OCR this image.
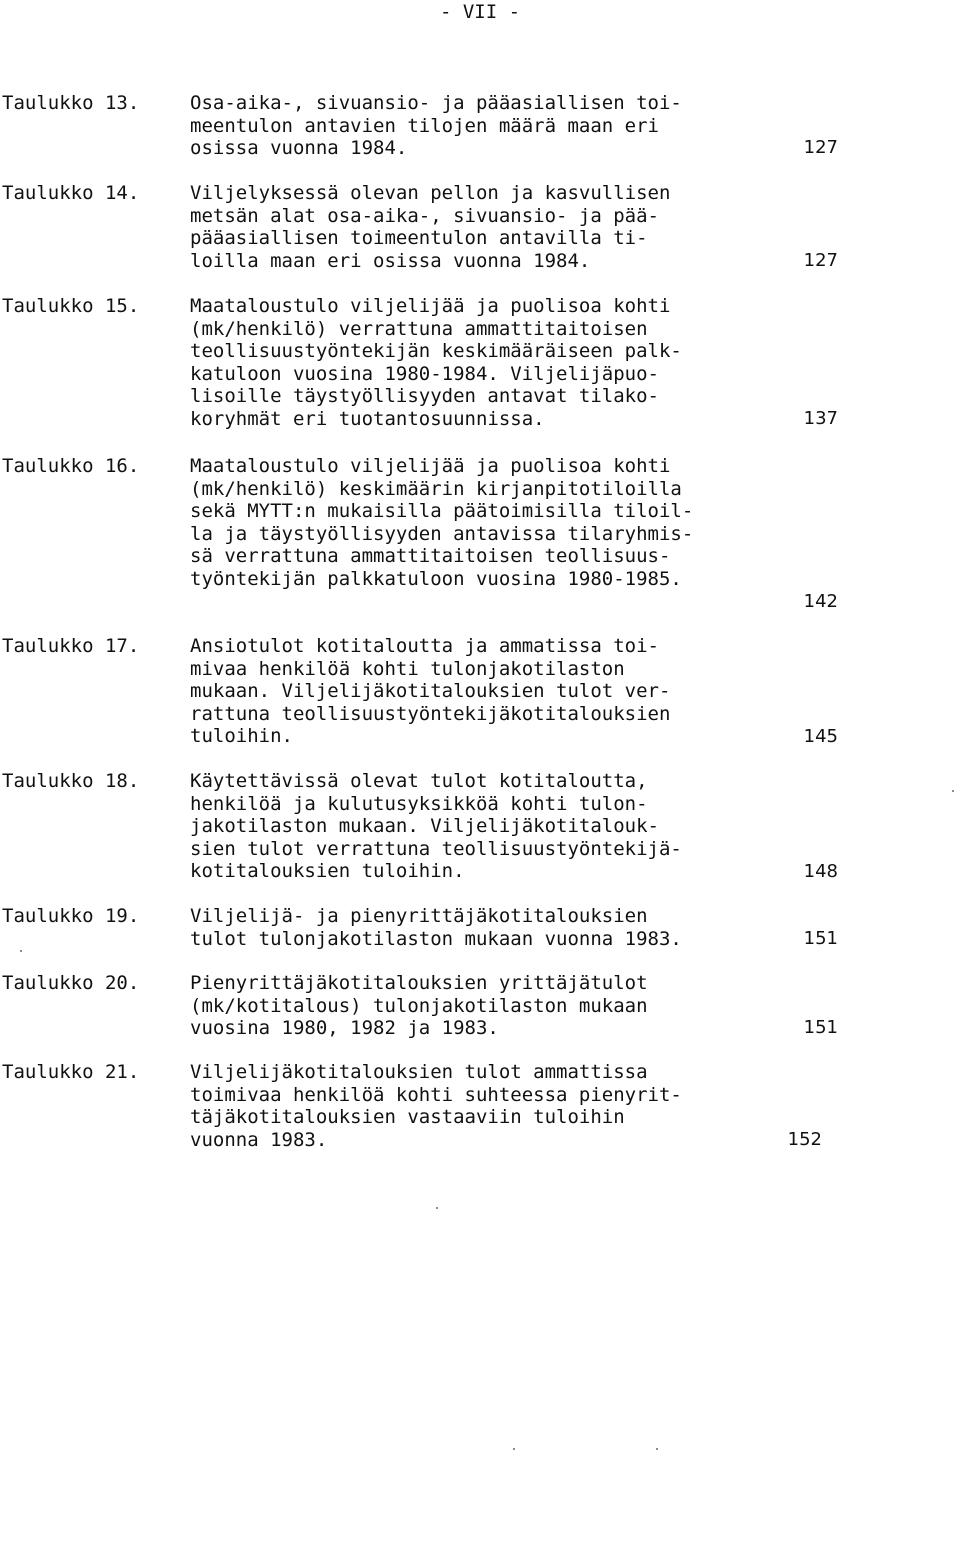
- VII -
Taulukko 13.	Osa-aika-, sivuansio- ja pääasiallisen toi-
meentulon antavien tilojen määrä maan eri
osissa vuonna 1984.	127
Taulukko 14.	Viljelyksessä olevan pellon ja kasvullisen
metsän alat osa-aika-, sivuansio- ja pää-
pääasiallisen toimeentulon antavilla ti-
loilla maan eri osissa vuonna 1984.	127
Taulukko 15.	Maataloustulo viljelijää ja puolisoa kohti
(mk/henkilö) verrattuna ammattitaitoisen
teollisuustyöntekijän keskimääräiseen palk-
katuloon vuosina 1980-1984. Viljelijäpuo-
lisoille täystyöllisyyden antavat tilako-
koryhmät eri tuotantosuunnissa.	137
Taulukko 16.	Maataloustulo viljelijää ja puolisoa kohti
(mk/henkilö) keskimäärin kirjanpitotiloilla
sekä MYTT:n mukaisilla päätoimisilla tiloil-
la ja täystyöllisyyden antavissa tilaryhmis-
sä verrattuna ammattitaitoisen teollisuus-
työntekijän palkkatuloon vuosina 1980-1985.
142
Taulukko 17.	Ansiotulot kotitaloutta ja ammatissa toi-
mivaa henkilöä kohti tulonjakotilaston
mukaan. Viljelijäkotitalouksien tulot ver-
rattuna teollisuustyöntekijäkotitalouksien
tuloihin.	145
Taulukko 18.	Käytettävissä olevat tulot kotitaloutta,
henkilöä ja kulutusyksikköä kohti tulon-
jakotilaston mukaan. Viljelijäkotitalouk-
sien tulot verrattuna teollisuustyöntekijä-
kotitalouksien tuloihin.	148
Taulukko 19.	Viljelijä- ja pienyrittäjäkotitalouksien
tulot tulonjakotilaston mukaan vuonna 1983.	151
Taulukko 20.	Pienyrittäjäkotitalouksien yrittäjätulot
(mk/kotitalous) tulonjakotilaston mukaan
vuosina 1980, 1982 ja 1983.	151
Taulukko 21.	Viljelijäkotitalouksien tulot ammattissa
toimivaa henkilöä kohti suhteessa pienyrit-
täjäkotitalouksien vastaaviin tuloihin
vuonna 1983.	152
